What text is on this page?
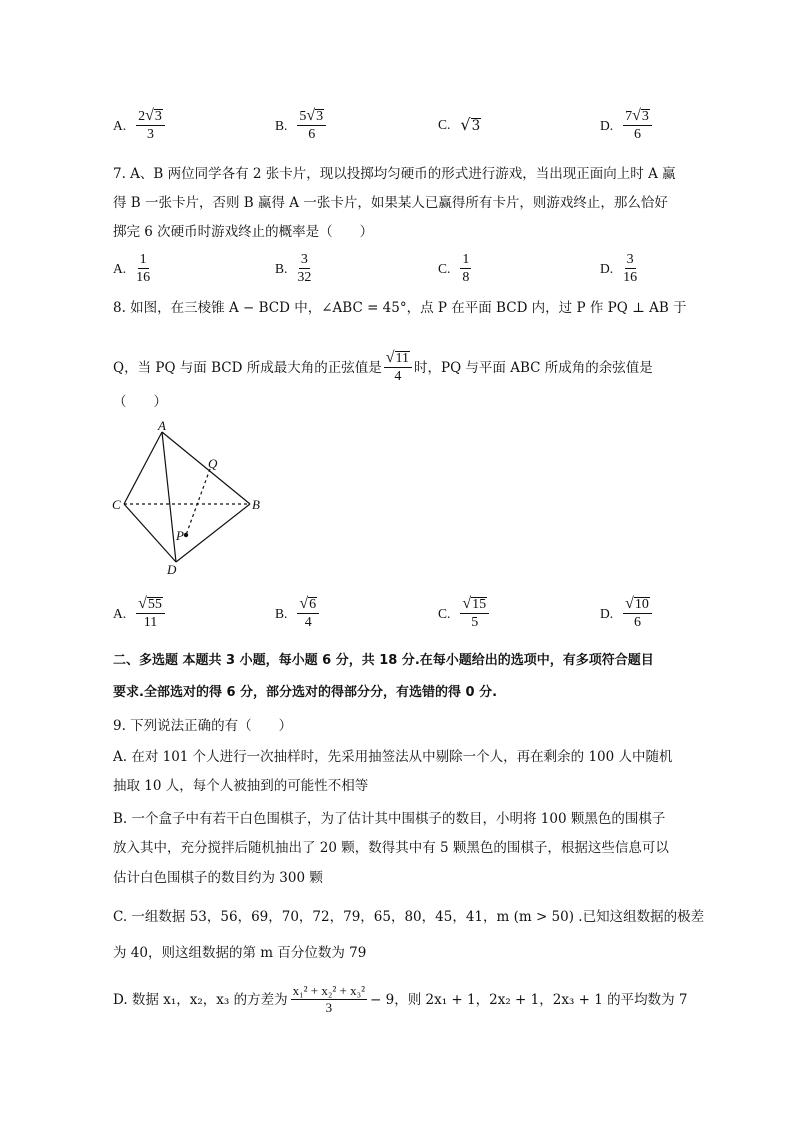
A. $\frac{2 √ 3}{3}$	B. $\frac{5 √ 3}{6}$	C. √ 3	D. $\frac{7 √ 3}{6}$
7. A、B 两位同学各有 2 张卡片，现以投掷均匀硬币的形式进行游戏，当出现正面向上时 A 赢
得 B 一张卡片，否则 B 赢得 A 一张卡片，如果某人已赢得所有卡片，则游戏终止，那么恰好
掷完 6 次硬币时游戏终止的概率是（　　）
A. $\frac{1}{16}$	B. $\frac{3}{32}$	C. $\frac{1}{8}$	D. $\frac{3}{16}$
8. 如图，在三棱锥 A − BCD 中，∠ABC = 45°，点 P 在平面 BCD 内，过 P 作 PQ ⊥ AB 于
Q，当 PQ 与面 BCD 所成最大角的正弦值是 $\frac{√ 11}{4}$ 时，PQ 与平面 ABC 所成角的余弦值是
（　　）
A
C	B
D
P
Q
A. $\frac{√ 55}{11}$	B. $\frac{√ 6}{4}$	C. $\frac{√ 15}{5}$	D. $\frac{√ 10}{6}$
二、多选题 本题共 3 小题，每小题 6 分，共 18 分.在每小题给出的选项中，有多项符合题目
要求.全部选对的得 6 分，部分选对的得部分分，有选错的得 0 分.
9. 下列说法正确的有（　　）
A. 在对 101 个人进行一次抽样时，先采用抽签法从中剔除一个人，再在剩余的 100 人中随机
抽取 10 人，每个人被抽到的可能性不相等
B. 一个盒子中有若干白色围棋子，为了估计其中围棋子的数目，小明将 100 颗黑色的围棋子
放入其中，充分搅拌后随机抽出了 20 颗，数得其中有 5 颗黑色的围棋子，根据这些信息可以
估计白色围棋子的数目约为 300 颗
C. 一组数据 53，56，69，70，72，79，65，80，45，41，m (m > 50) .已知这组数据的极差
为 40，则这组数据的第 m 百分位数为 79
D. 数据 x₁，x₂，x₃ 的方差为 $\frac{\text{x₁² + x₂² + x₃²}}{3} - 9$，则 2x₁ + 1，2x₂ + 1，2x₃ + 1 的平均数为 7
